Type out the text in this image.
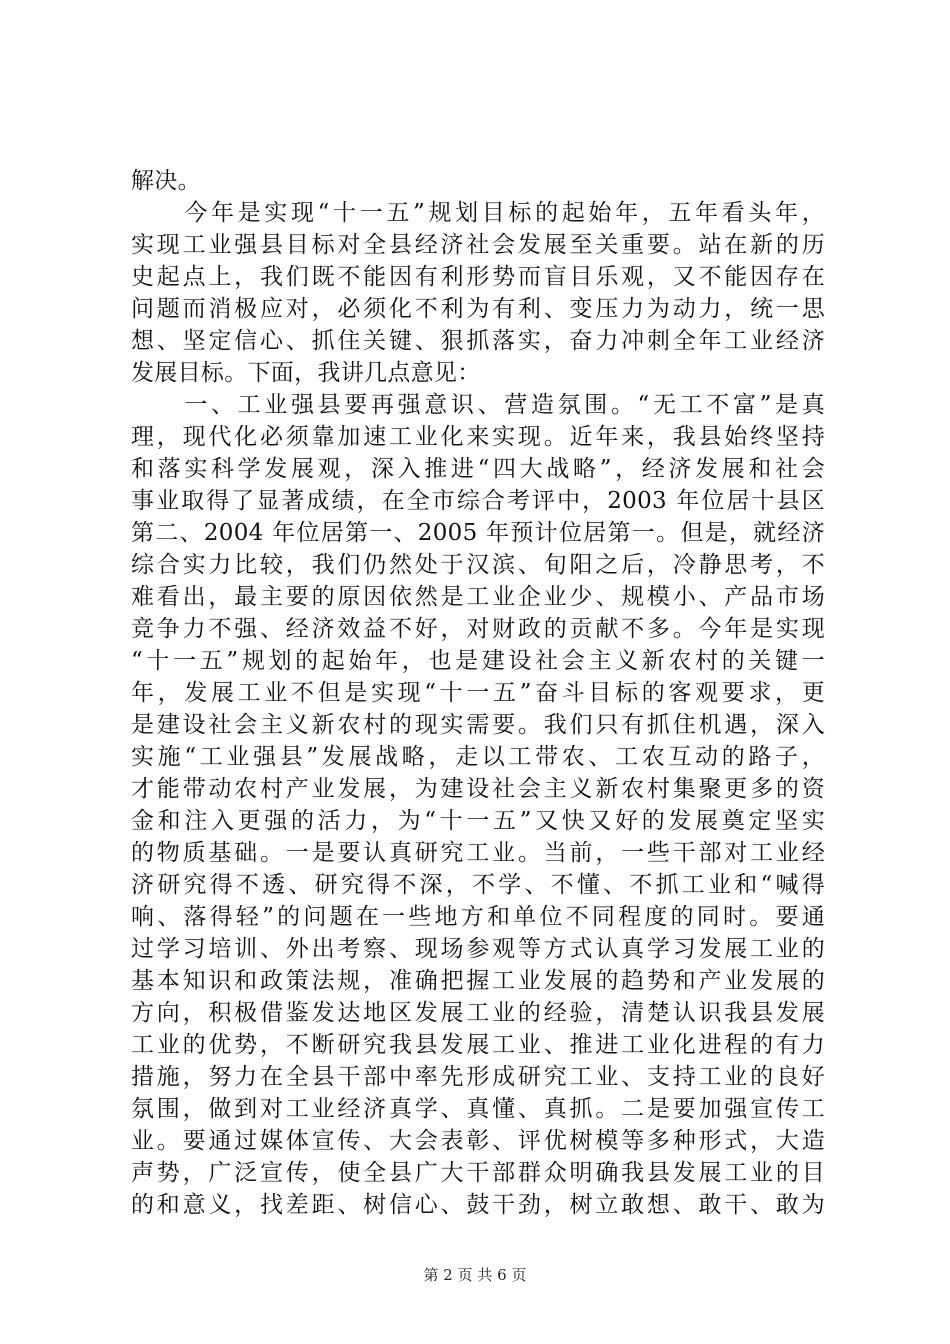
解决。
　　今年是实现“十一五”规划目标的起始年，五年看头年，
实现工业强县目标对全县经济社会发展至关重要。站在新的历
史起点上，我们既不能因有利形势而盲目乐观，又不能因存在
问题而消极应对，必须化不利为有利、变压力为动力，统一思
想、坚定信心、抓住关键、狠抓落实，奋力冲刺全年工业经济
发展目标。下面，我讲几点意见：
　　一、工业强县要再强意识、营造氛围。“无工不富”是真
理，现代化必须靠加速工业化来实现。近年来，我县始终坚持
和落实科学发展观，深入推进“四大战略”，经济发展和社会
事业取得了显著成绩，在全市综合考评中，2003 年位居十县区
第二、2004 年位居第一、2005 年预计位居第一。但是，就经济
综合实力比较，我们仍然处于汉滨、旬阳之后，冷静思考，不
难看出，最主要的原因依然是工业企业少、规模小、产品市场
竞争力不强、经济效益不好，对财政的贡献不多。今年是实现
“十一五”规划的起始年，也是建设社会主义新农村的关键一
年，发展工业不但是实现“十一五”奋斗目标的客观要求，更
是建设社会主义新农村的现实需要。我们只有抓住机遇，深入
实施“工业强县”发展战略，走以工带农、工农互动的路子，
才能带动农村产业发展，为建设社会主义新农村集聚更多的资
金和注入更强的活力，为“十一五”又快又好的发展奠定坚实
的物质基础。一是要认真研究工业。当前，一些干部对工业经
济研究得不透、研究得不深，不学、不懂、不抓工业和“喊得
响、落得轻”的问题在一些地方和单位不同程度的同时。要通
过学习培训、外出考察、现场参观等方式认真学习发展工业的
基本知识和政策法规，准确把握工业发展的趋势和产业发展的
方向，积极借鉴发达地区发展工业的经验，清楚认识我县发展
工业的优势，不断研究我县发展工业、推进工业化进程的有力
措施，努力在全县干部中率先形成研究工业、支持工业的良好
氛围，做到对工业经济真学、真懂、真抓。二是要加强宣传工
业。要通过媒体宣传、大会表彰、评优树模等多种形式，大造
声势，广泛宣传，使全县广大干部群众明确我县发展工业的目
的和意义，找差距、树信心、鼓干劲，树立敢想、敢干、敢为
第 2 页 共 6 页
